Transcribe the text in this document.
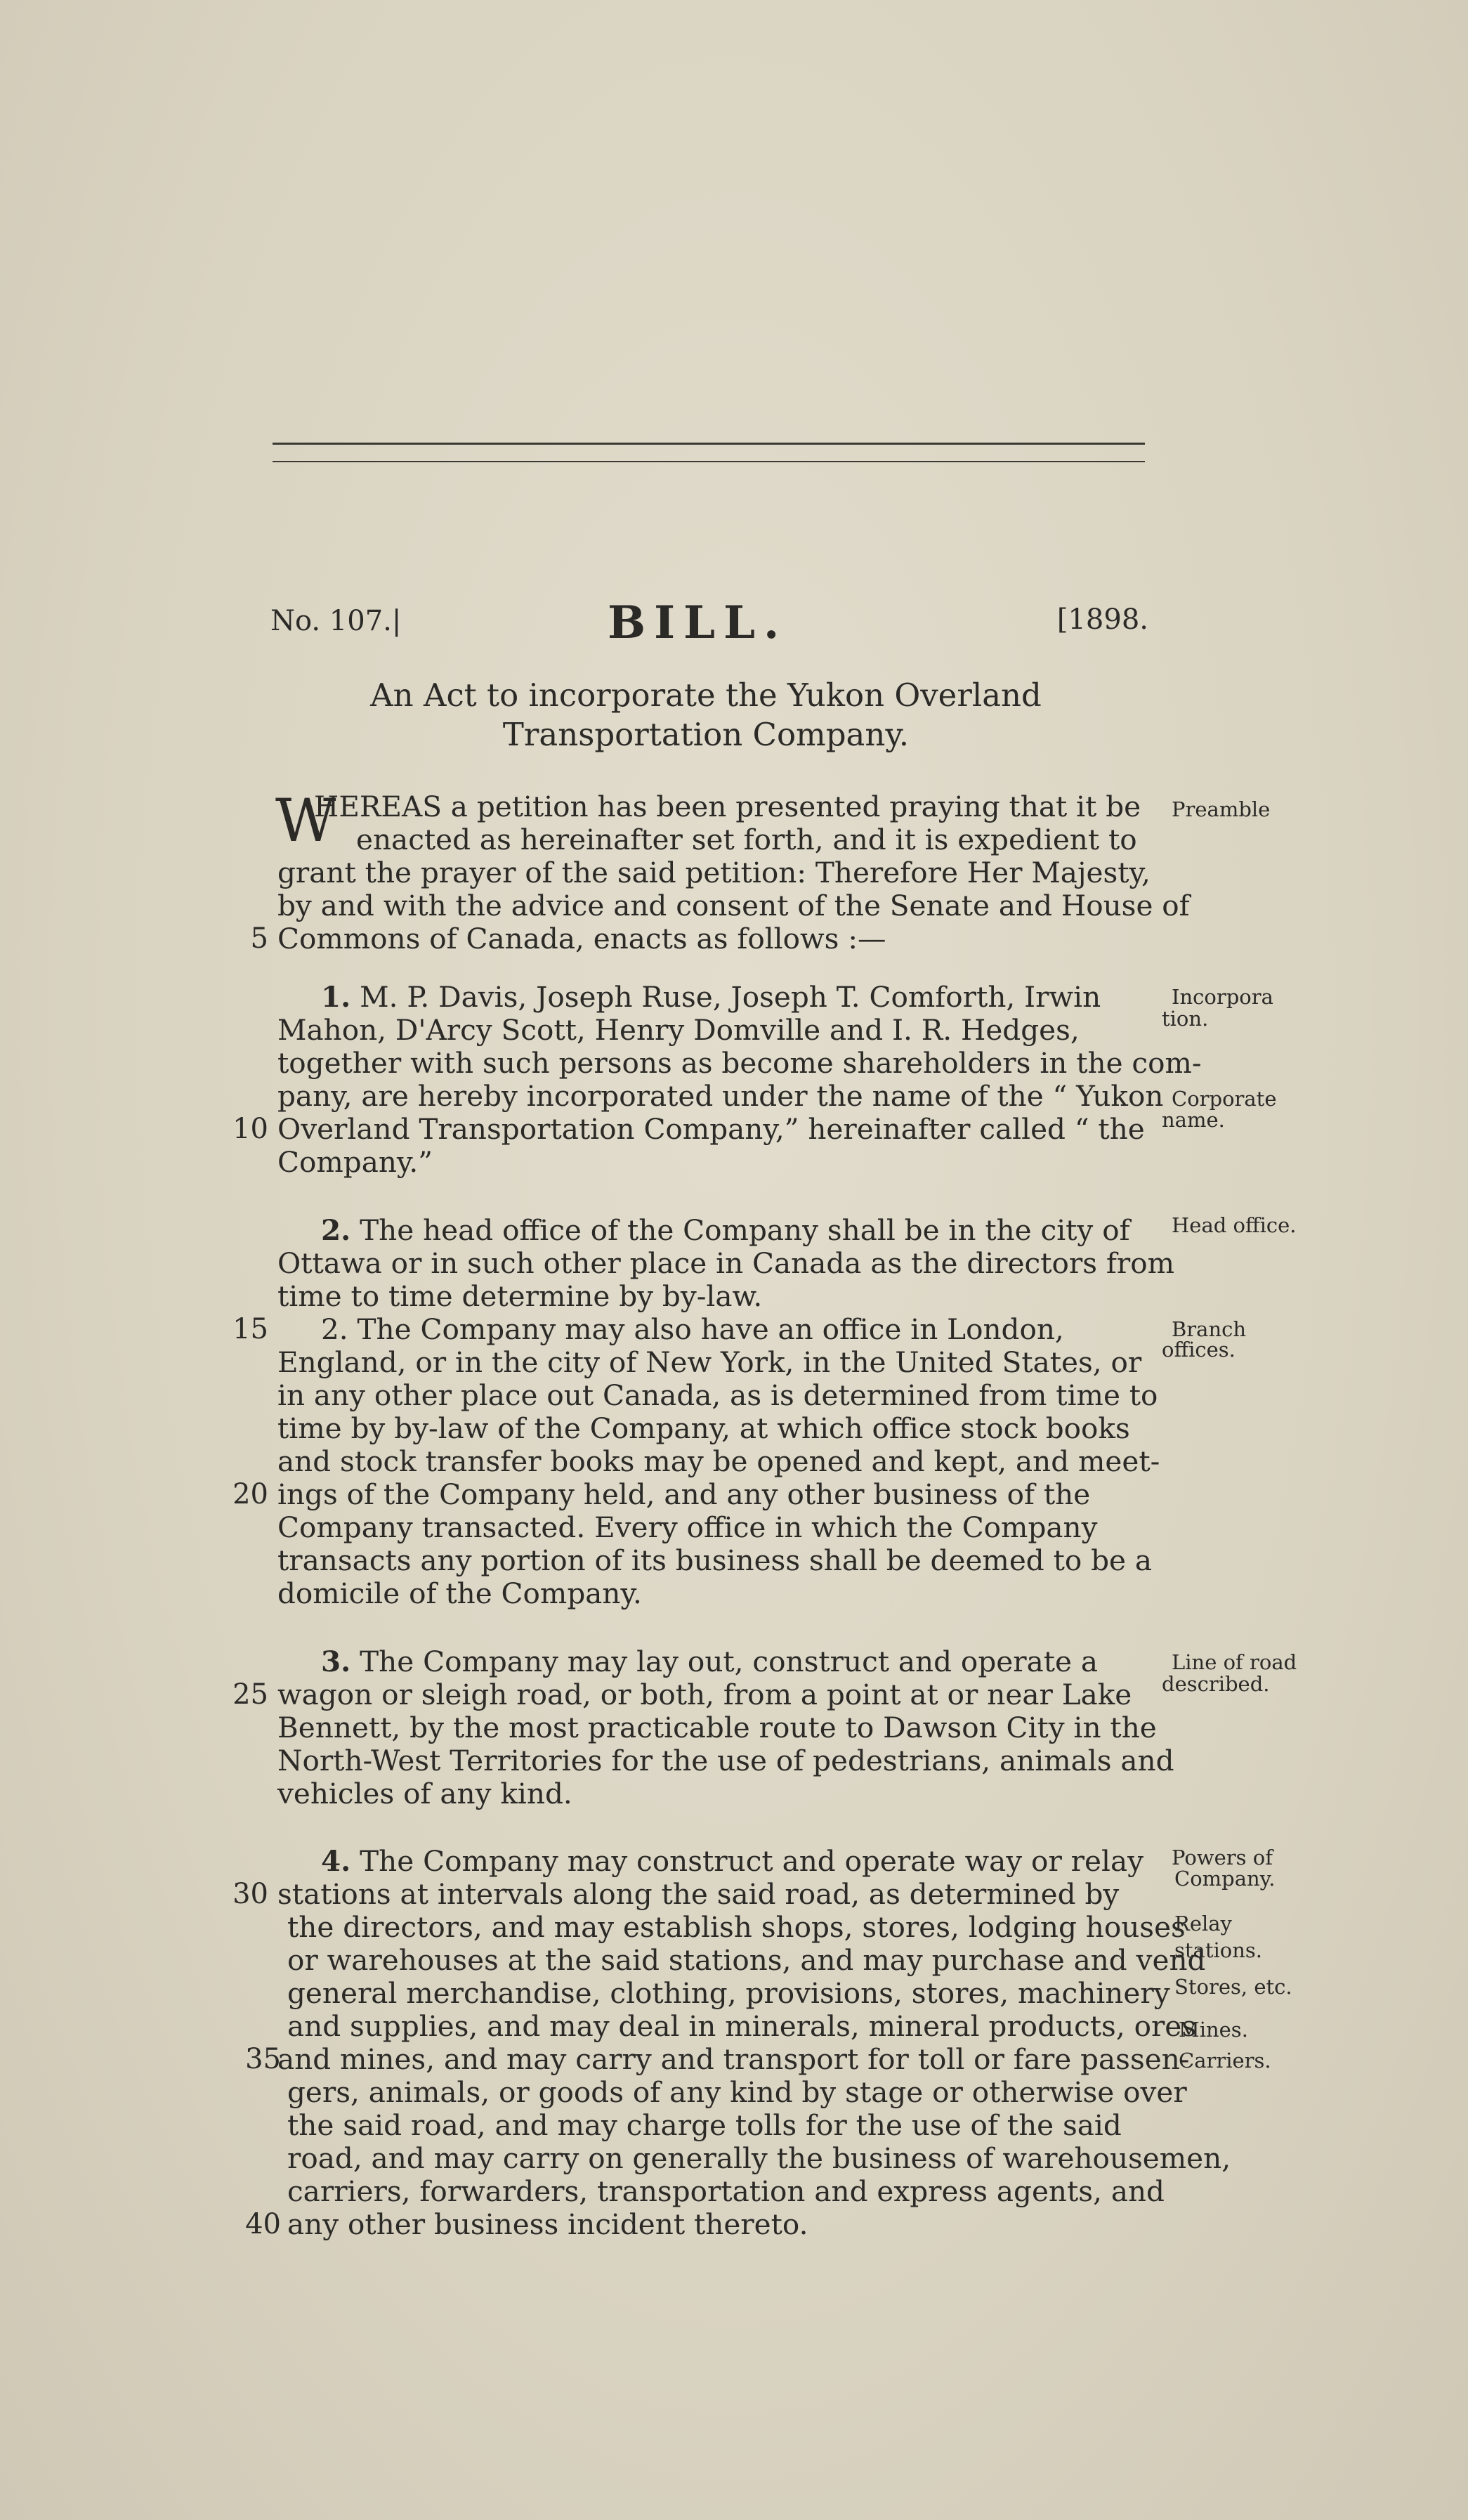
No. 107.|	BILL.	[1898.
An Act to incorporate the Yukon Overland
Transportation Company.
W
HEREAS a petition has been presented praying that it be
enacted as hereinafter set forth, and it is expedient to
grant the prayer of the said petition: Therefore Her Majesty,
by and with the advice and consent of the Senate and House of
Commons of Canada, enacts as follows :—
1. M. P. Davis, Joseph Ruse, Joseph T. Comforth, Irwin
Mahon, D'Arcy Scott, Henry Domville and I. R. Hedges,
together with such persons as become shareholders in the com-
pany, are hereby incorporated under the name of the “ Yukon
Overland Transportation Company,” hereinafter called “ the
Company.”
2. The head office of the Company shall be in the city of
Ottawa or in such other place in Canada as the directors from
time to time determine by by-law.
2. The Company may also have an office in London,
England, or in the city of New York, in the United States, or
in any other place out Canada, as is determined from time to
time by by-law of the Company, at which office stock books
and stock transfer books may be opened and kept, and meet-
ings of the Company held, and any other business of the
Company transacted. Every office in which the Company
transacts any portion of its business shall be deemed to be a
domicile of the Company.
3. The Company may lay out, construct and operate a
wagon or sleigh road, or both, from a point at or near Lake
Bennett, by the most practicable route to Dawson City in the
North-West Territories for the use of pedestrians, animals and
vehicles of any kind.
4. The Company may construct and operate way or relay
stations at intervals along the said road, as determined by
the directors, and may establish shops, stores, lodging houses
or warehouses at the said stations, and may purchase and vend
general merchandise, clothing, provisions, stores, machinery
and supplies, and may deal in minerals, mineral products, ores
and mines, and may carry and transport for toll or fare passen-
gers, animals, or goods of any kind by stage or otherwise over
the said road, and may charge tolls for the use of the said
road, and may carry on generally the business of warehousemen,
carriers, forwarders, transportation and express agents, and
any other business incident thereto.
5
10
15
20
25
30
35
40
Preamble
Incorpora
tion.
Corporate
name.
Head office.
Branch
offices.
Line of road
described.
Powers of
Company.
Relay
stations.
Stores, etc.
Mines.
Carriers.
